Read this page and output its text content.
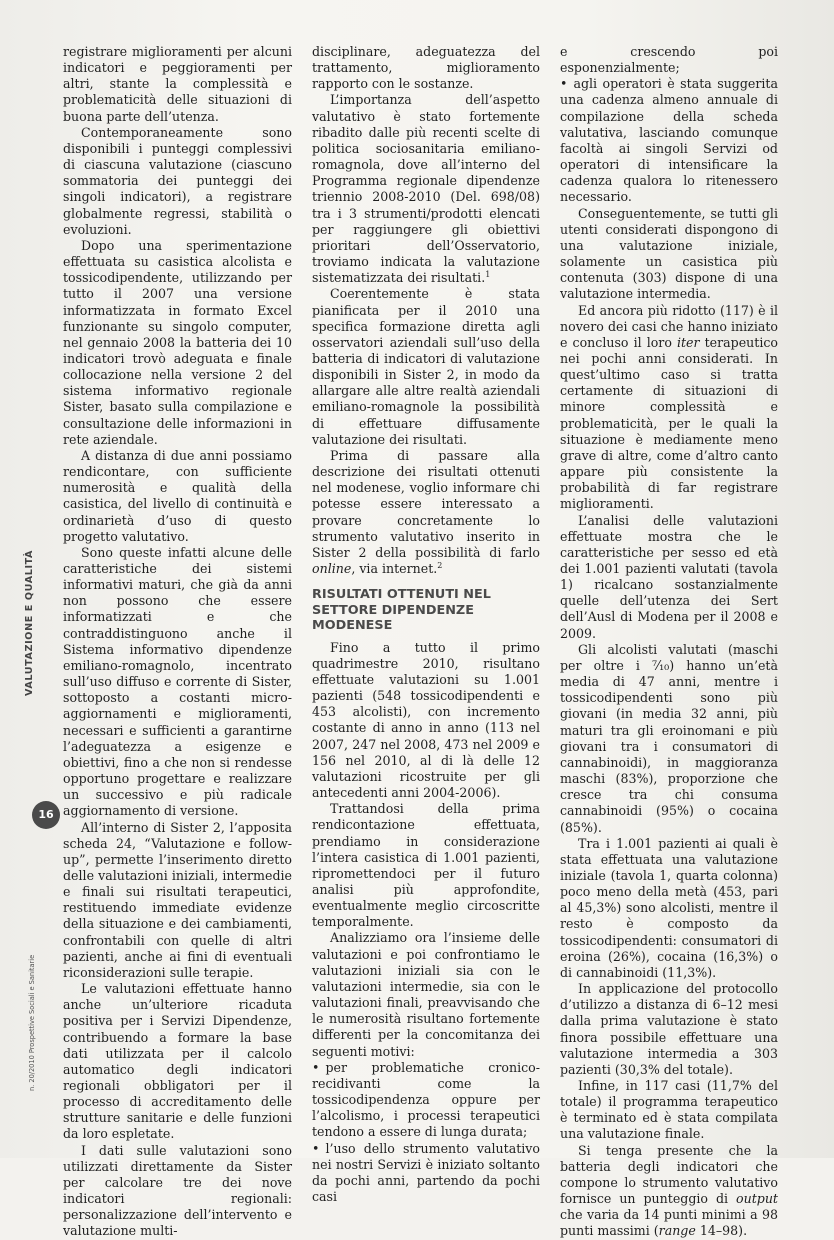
registrare miglioramenti per alcuni indicatori e peggioramenti per altri, stante la complessità e problematicità delle situazioni di buona parte dell’utenza.

Contemporaneamente sono disponibili i punteggi complessivi di ciascuna valutazione (ciascuno sommatoria dei punteggi dei singoli indicatori), a registrare globalmente regressi, stabilità o evoluzioni.

Dopo una sperimentazione effettuata su casistica alcolista e tossicodipendente, utilizzando per tutto il 2007 una versione informatizzata in formato Excel funzionante su singolo computer, nel gennaio 2008 la batteria dei 10 indicatori trovò adeguata e finale collocazione nella versione 2 del sistema informativo regionale Sister, basato sulla compilazione e consultazione delle informazioni in rete aziendale.

A distanza di due anni possiamo rendicontare, con sufficiente numerosità e qualità della casistica, del livello di continuità e ordinarietà d’uso di questo progetto valutativo.

Sono queste infatti alcune delle caratteristiche dei sistemi informativi maturi, che già da anni non possono che essere informatizzati e che contraddistinguono anche il Sistema informativo dipendenze emiliano-romagnolo, incentrato sull’uso diffuso e corrente di Sister, sottoposto a costanti micro-aggiornamenti e miglioramenti, necessari e sufficienti a garantirne l’adeguatezza a esigenze e obiettivi, fino a che non si rendesse opportuno progettare e realizzare un successivo e più radicale aggiornamento di versione.

All’interno di Sister 2, l’apposita scheda 24, “Valutazione e follow-up”, permette l’inserimento diretto delle valutazioni iniziali, intermedie e finali sui risultati terapeutici, restituendo immediate evidenze della situazione e dei cambiamenti, confrontabili con quelle di altri pazienti, anche ai fini di eventuali riconsiderazioni sulle terapie.

Le valutazioni effettuate hanno anche un’ulteriore ricaduta positiva per i Servizi Dipendenze, contribuendo a formare la base dati utilizzata per il calcolo automatico degli indicatori regionali obbligatori per il processo di accreditamento delle strutture sanitarie e delle funzioni da loro espletate.

I dati sulle valutazioni sono utilizzati direttamente da Sister per calcolare tre dei nove indicatori regionali: personalizzazione dell’intervento e valutazione multi-

disciplinare, adeguatezza del trattamento, miglioramento rapporto con le sostanze.

L’importanza dell’aspetto valutativo è stato fortemente ribadito dalle più recenti scelte di politica sociosanitaria emiliano-romagnola, dove all’interno del Programma regionale dipendenze triennio 2008-2010 (Del. 698/08) tra i 3 strumenti/prodotti elencati per raggiungere gli obiettivi prioritari dell’Osservatorio, troviamo indicata la valutazione sistematizzata dei risultati.$^1$

Coerentemente è stata pianificata per il 2010 una specifica formazione diretta agli osservatori aziendali sull’uso della batteria di indicatori di valutazione disponibili in Sister 2, in modo da allargare alle altre realtà aziendali emiliano-romagnole la possibilità di effettuare diffusamente valutazione dei risultati.

Prima di passare alla descrizione dei risultati ottenuti nel modenese, voglio informare chi potesse essere interessato a provare concretamente lo strumento valutativo inserito in Sister 2 della possibilità di farlo online, via internet.$^2$

RISULTATI OTTENUTI NEL SETTORE DIPENDENZE MODENESE

Fino a tutto il primo quadrimestre 2010, risultano effettuate valutazioni su 1.001 pazienti (548 tossicodipendenti e 453 alcolisti), con incremento costante di anno in anno (113 nel 2007, 247 nel 2008, 473 nel 2009 e 156 nel 2010, al di là delle 12 valutazioni ricostruite per gli antecedenti anni 2004-2006).

Trattandosi della prima rendicontazione effettuata, prendiamo in considerazione l’intera casistica di 1.001 pazienti, ripromettendoci per il futuro analisi più approfondite, eventualmente meglio circoscritte temporalmente.

Analizziamo ora l’insieme delle valutazioni e poi confrontiamo le valutazioni iniziali sia con le valutazioni intermedie, sia con le valutazioni finali, preavvisando che le numerosità risultano fortemente differenti per la concomitanza dei seguenti motivi:

• per problematiche cronico-recidivanti come la tossicodipendenza oppure per l’alcolismo, i processi terapeutici tendono a essere di lunga durata;

• l’uso dello strumento valutativo nei nostri Servizi è iniziato soltanto da pochi anni, partendo da pochi casi

e crescendo poi esponenzialmente;

• agli operatori è stata suggerita una cadenza almeno annuale di compilazione della scheda valutativa, lasciando comunque facoltà ai singoli Servizi od operatori di intensificare la cadenza qualora lo ritenessero necessario.

Conseguentemente, se tutti gli utenti considerati dispongono di una valutazione iniziale, solamente un casistica più contenuta (303) dispone di una valutazione intermedia.

Ed ancora più ridotto (117) è il novero dei casi che hanno iniziato e concluso il loro iter terapeutico nei pochi anni considerati. In quest’ultimo caso si tratta certamente di situazioni di minore complessità e problematicità, per le quali la situazione è mediamente meno grave di altre, come d’altro canto appare più consistente la probabilità di far registrare miglioramenti.

L’analisi delle valutazioni effettuate mostra che le caratteristiche per sesso ed età dei 1.001 pazienti valutati (tavola 1) ricalcano sostanzialmente quelle dell’utenza dei Sert dell’Ausl di Modena per il 2008 e 2009.

Gli alcolisti valutati (maschi per oltre i ⁷⁄₁₀) hanno un’età media di 47 anni, mentre i tossicodipendenti sono più giovani (in media 32 anni, più maturi tra gli eroinomani e più giovani tra i consumatori di cannabinoidi), in maggioranza maschi (83%), proporzione che cresce tra chi consuma cannabinoidi (95%) o cocaina (85%).

Tra i 1.001 pazienti ai quali è stata effettuata una valutazione iniziale (tavola 1, quarta colonna) poco meno della metà (453, pari al 45,3%) sono alcolisti, mentre il resto è composto da tossicodipendenti: consumatori di eroina (26%), cocaina (16,3%) o di cannabinoidi (11,3%).

In applicazione del protocollo d’utilizzo a distanza di 6–12 mesi dalla prima valutazione è stato finora possibile effettuare una valutazione intermedia a 303 pazienti (30,3% del totale).

Infine, in 117 casi (11,7% del totale) il programma terapeutico è terminato ed è stata compilata una valutazione finale.

Si tenga presente che la batteria degli indicatori che compone lo strumento valutativo fornisce un punteggio di output che varia da 14 punti minimi a 98 punti massimi (range 14–98).

VALUTAZIONE E QUALITÀ
16
n. 20/2010 Prospettive Sociali e Sanitarie
